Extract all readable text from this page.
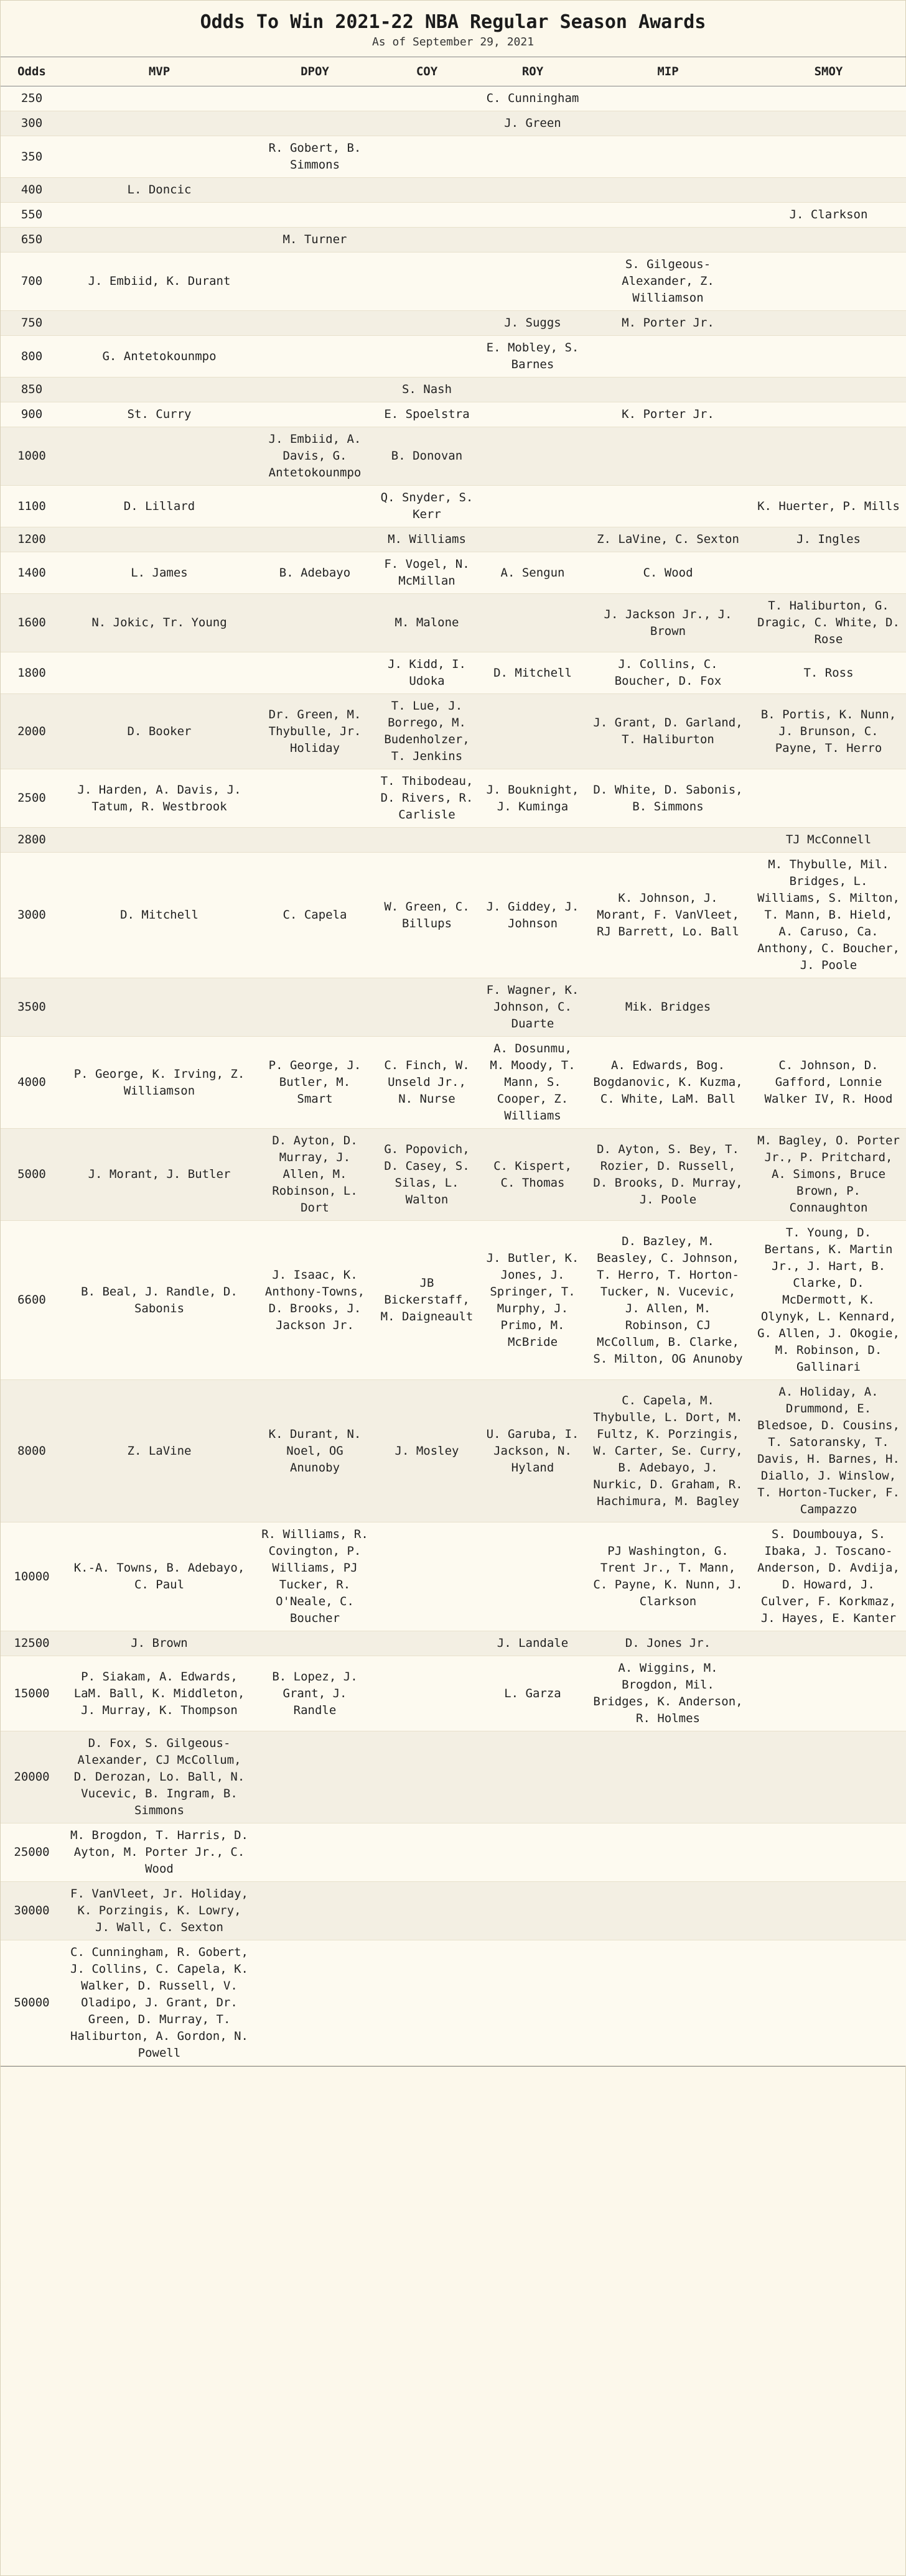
Odds To Win 2021-22 NBA Regular Season Awards
As of September 29, 2021
Odds	MVP	DPOY	COY	ROY	MIP	SMOY
250				C. Cunningham		
300				J. Green		
350		R. Gobert, B. Simmons				
400	L. Doncic					
550						J. Clarkson
650		M. Turner				
700	J. Embiid, K. Durant				S. Gilgeous-Alexander, Z. Williamson	
750				J. Suggs	M. Porter Jr.	
800	G. Antetokounmpo			E. Mobley, S. Barnes		
850			S. Nash			
900	St. Curry		E. Spoelstra		K. Porter Jr.	
1000		J. Embiid, A. Davis, G. Antetokounmpo	B. Donovan			
1100	D. Lillard		Q. Snyder, S. Kerr			K. Huerter, P. Mills
1200			M. Williams		Z. LaVine, C. Sexton	J. Ingles
1400	L. James	B. Adebayo	F. Vogel, N. McMillan	A. Sengun	C. Wood	
1600	N. Jokic, Tr. Young		M. Malone		J. Jackson Jr., J. Brown	T. Haliburton, G. Dragic, C. White, D. Rose
1800			J. Kidd, I. Udoka	D. Mitchell	J. Collins, C. Boucher, D. Fox	T. Ross
2000	D. Booker	Dr. Green, M. Thybulle, Jr. Holiday	T. Lue, J. Borrego, M. Budenholzer, T. Jenkins		J. Grant, D. Garland, T. Haliburton	B. Portis, K. Nunn, J. Brunson, C. Payne, T. Herro
2500	J. Harden, A. Davis, J. Tatum, R. Westbrook		T. Thibodeau, D. Rivers, R. Carlisle	J. Bouknight, J. Kuminga	D. White, D. Sabonis, B. Simmons	
2800						TJ McConnell
3000	D. Mitchell	C. Capela	W. Green, C. Billups	J. Giddey, J. Johnson	K. Johnson, J. Morant, F. VanVleet, RJ Barrett, Lo. Ball	M. Thybulle, Mil. Bridges, L. Williams, S. Milton, T. Mann, B. Hield, A. Caruso, Ca. Anthony, C. Boucher, J. Poole
3500				F. Wagner, K. Johnson, C. Duarte	Mik. Bridges	
4000	P. George, K. Irving, Z. Williamson	P. George, J. Butler, M. Smart	C. Finch, W. Unseld Jr., N. Nurse	A. Dosunmu, M. Moody, T. Mann, S. Cooper, Z. Williams	A. Edwards, Bog. Bogdanovic, K. Kuzma, C. White, LaM. Ball	C. Johnson, D. Gafford, Lonnie Walker IV, R. Hood
5000	J. Morant, J. Butler	D. Ayton, D. Murray, J. Allen, M. Robinson, L. Dort	G. Popovich, D. Casey, S. Silas, L. Walton	C. Kispert, C. Thomas	D. Ayton, S. Bey, T. Rozier, D. Russell, D. Brooks, D. Murray, J. Poole	M. Bagley, O. Porter Jr., P. Pritchard, A. Simons, Bruce Brown, P. Connaughton
6600	B. Beal, J. Randle, D. Sabonis	J. Isaac, K. Anthony-Towns, D. Brooks, J. Jackson Jr.	JB Bickerstaff, M. Daigneault	J. Butler, K. Jones, J. Springer, T. Murphy, J. Primo, M. McBride	D. Bazley, M. Beasley, C. Johnson, T. Herro, T. Horton-Tucker, N. Vucevic, J. Allen, M. Robinson, CJ McCollum, B. Clarke, S. Milton, OG Anunoby	T. Young, D. Bertans, K. Martin Jr., J. Hart, B. Clarke, D. McDermott, K. Olynyk, L. Kennard, G. Allen, J. Okogie, M. Robinson, D. Gallinari
8000	Z. LaVine	K. Durant, N. Noel, OG Anunoby	J. Mosley	U. Garuba, I. Jackson, N. Hyland	C. Capela, M. Thybulle, L. Dort, M. Fultz, K. Porzingis, W. Carter, Se. Curry, B. Adebayo, J. Nurkic, D. Graham, R. Hachimura, M. Bagley	A. Holiday, A. Drummond, E. Bledsoe, D. Cousins, T. Satoransky, T. Davis, H. Barnes, H. Diallo, J. Winslow, T. Horton-Tucker, F. Campazzo
10000	K.-A. Towns, B. Adebayo, C. Paul	R. Williams, R. Covington, P. Williams, PJ Tucker, R. O'Neale, C. Boucher			PJ Washington, G. Trent Jr., T. Mann, C. Payne, K. Nunn, J. Clarkson	S. Doumbouya, S. Ibaka, J. Toscano-Anderson, D. Avdija, D. Howard, J. Culver, F. Korkmaz, J. Hayes, E. Kanter
12500	J. Brown			J. Landale	D. Jones Jr.	
15000	P. Siakam, A. Edwards, LaM. Ball, K. Middleton, J. Murray, K. Thompson	B. Lopez, J. Grant, J. Randle		L. Garza	A. Wiggins, M. Brogdon, Mil. Bridges, K. Anderson, R. Holmes	
20000	D. Fox, S. Gilgeous-Alexander, CJ McCollum, D. Derozan, Lo. Ball, N. Vucevic, B. Ingram, B. Simmons					
25000	M. Brogdon, T. Harris, D. Ayton, M. Porter Jr., C. Wood					
30000	F. VanVleet, Jr. Holiday, K. Porzingis, K. Lowry, J. Wall, C. Sexton					
50000	C. Cunningham, R. Gobert, J. Collins, C. Capela, K. Walker, D. Russell, V. Oladipo, J. Grant, Dr. Green, D. Murray, T. Haliburton, A. Gordon, N. Powell					
